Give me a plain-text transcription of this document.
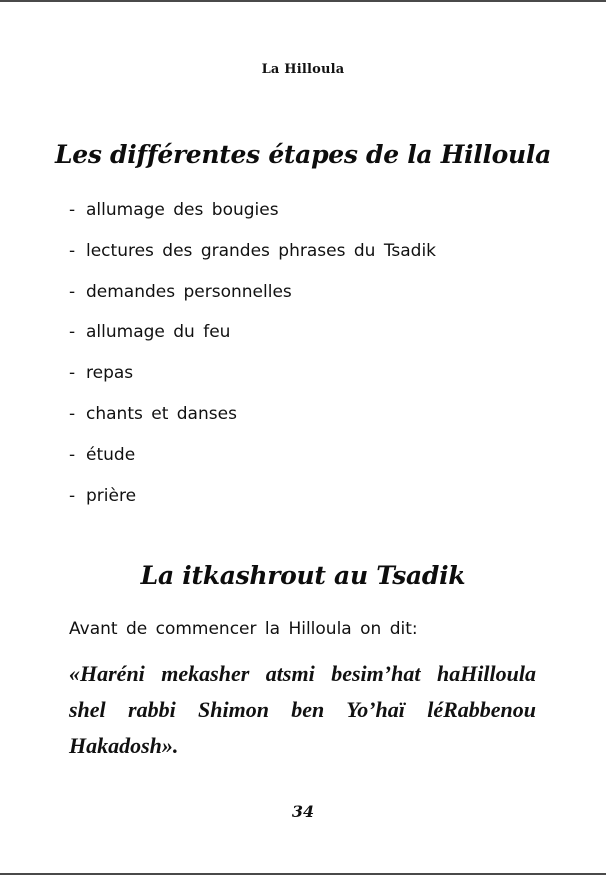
La Hilloula
Les différentes étapes de la Hilloula
- allumage des bougies
- lectures des grandes phrases du Tsadik
- demandes personnelles
- allumage du feu
- repas
- chants et danses
- étude
- prière
La itkashrout au Tsadik
Avant de commencer la Hilloula on dit:

«Haréni mekasher atsmi besim’hat haHilloula shel rabbi Shimon ben Yo’haï léRabbenou Hakadosh».

34
